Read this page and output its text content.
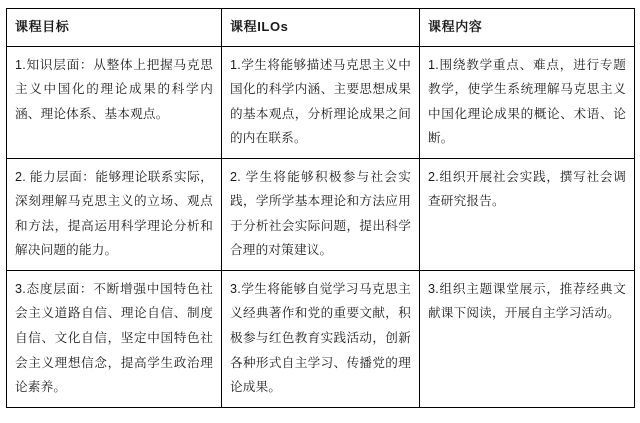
课程目标	课程ILOs	课程内容

1.知识层面：从整体上把握马克思主义中国化的理论成果的科学内涵、理论体系、基本观点。	1.学生将能够描述马克思主义中国化的科学内涵、主要思想成果的基本观点，分析理论成果之间的内在联系。	1.围绕教学重点、难点，进行专题教学，使学生系统理解马克思主义中国化理论成果的概论、术语、论断。

2. 能力层面：能够理论联系实际，深刻理解马克思主义的立场、观点和方法，提高运用科学理论分析和解决问题的能力。	2. 学生将能够积极参与社会实践，学所学基本理论和方法应用于分析社会实际问题，提出科学合理的对策建议。	2.组织开展社会实践，撰写社会调查研究报告。

3.态度层面：不断增强中国特色社会主义道路自信、理论自信、制度自信、文化自信，坚定中国特色社会主义理想信念，提高学生政治理论素养。	3.学生将能够自觉学习马克思主义经典著作和党的重要文献，积极参与红色教育实践活动，创新各种形式自主学习、传播党的理论成果。	3.组织主题课堂展示，推荐经典文献课下阅读，开展自主学习活动。
